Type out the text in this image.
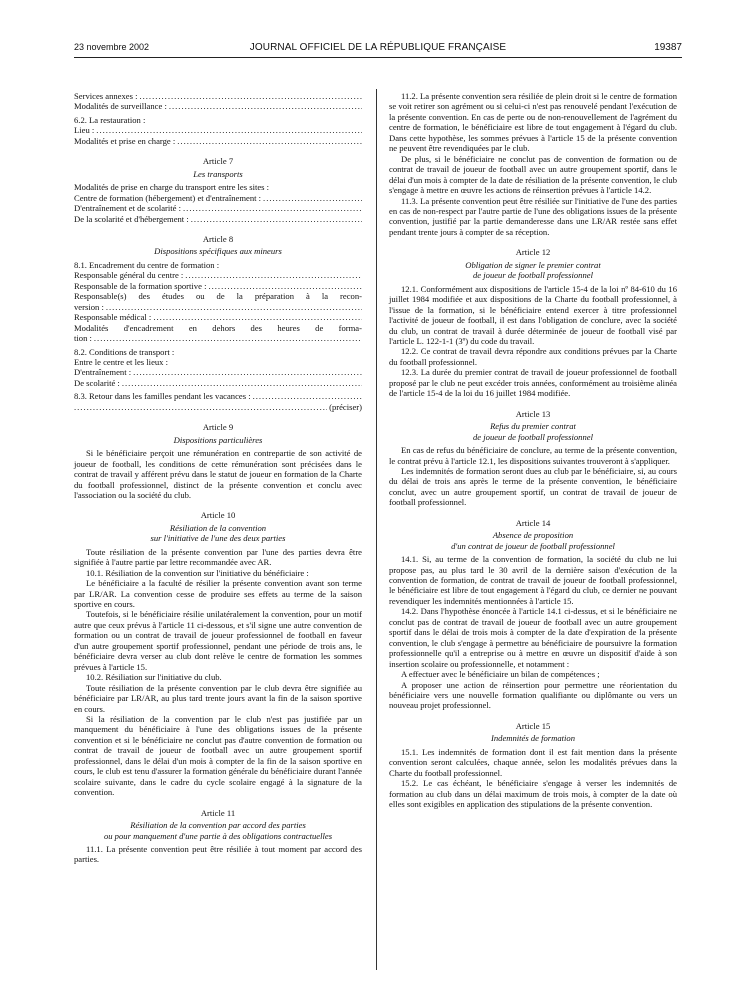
23 novembre 2002	JOURNAL OFFICIEL DE LA RÉPUBLIQUE FRANÇAISE	19387
Services annexes :
.....
Modalités de surveillance :
.....

6.2. La restauration :

Lieu :
.....
Modalités et prise en charge :
.....
Article 7
Les transports

Modalités de prise en charge du transport entre les sites :

Centre de formation (hébergement) et d'entraînement :
.....
D'entraînement et de scolarité :
.....
De la scolarité et d'hébergement :
.....
Article 8
Dispositions spécifiques aux mineurs

8.1. Encadrement du centre de formation :

Responsable général du centre :
.....
Responsable de la formation sportive :
.....

Responsable(s) des études ou de la préparation à la recon-

version :
.....
Responsable médical :
.....

Modalités d'encadrement en dehors des heures de forma-

tion :
.....

8.2. Conditions de transport :

Entre le centre et les lieux :

D'entraînement :
.....
De scolarité :
.....
8.3. Retour dans les familles pendant les vacances :
.....
.....
(préciser)
Article 9
Dispositions particulières

Si le bénéficiaire perçoit une rémunération en contrepartie de son activité de joueur de football, les conditions de cette rémunération sont précisées dans le contrat de travail y afférent prévu dans le statut de joueur en formation de la Charte du football professionnel, distinct de la présente convention et conclu avec l'association ou la société du club.

Article 10
Résiliation de la convention
sur l'initiative de l'une des deux parties

Toute résiliation de la présente convention par l'une des parties devra être signifiée à l'autre partie par lettre recommandée avec AR.

10.1. Résiliation de la convention sur l'initiative du bénéficiaire :

Le bénéficiaire a la faculté de résilier la présente convention avant son terme par LR/AR. La convention cesse de produire ses effets au terme de la saison sportive en cours.

Toutefois, si le bénéficiaire résilie unilatéralement la convention, pour un motif autre que ceux prévus à l'article 11 ci-dessous, et s'il signe une autre convention de formation ou un contrat de travail de joueur professionnel de football en faveur d'un autre groupement sportif professionnel, pendant une période de trois ans, le bénéficiaire devra verser au club dont relève le centre de formation les sommes prévues à l'article 15.

10.2. Résiliation sur l'initiative du club.

Toute résiliation de la présente convention par le club devra être signifiée au bénéficiaire par LR/AR, au plus tard trente jours avant la fin de la saison sportive en cours.

Si la résiliation de la convention par le club n'est pas justifiée par un manquement du bénéficiaire à l'une des obligations issues de la présente convention et si le bénéficiaire ne conclut pas d'autre convention de formation ou contrat de travail de joueur de football avec un autre groupement sportif professionnel, dans le délai d'un mois à compter de la fin de la saison sportive en cours, le club est tenu d'assurer la formation générale du bénéficiaire durant l'année scolaire suivante, dans le cadre du cycle scolaire engagé à la signature de la convention.

Article 11
Résiliation de la convention par accord des parties
ou pour manquement d'une partie à des obligations contractuelles

11.1. La présente convention peut être résiliée à tout moment par accord des parties.

11.2. La présente convention sera résiliée de plein droit si le centre de formation se voit retirer son agrément ou si celui-ci n'est pas renouvelé pendant l'exécution de la présente convention. En cas de perte ou de non-renouvellement de l'agrément du centre de formation, le bénéficiaire est libre de tout engagement à l'égard du club. Dans cette hypothèse, les sommes prévues à l'article 15 de la présente convention ne peuvent être revendiquées par le club.

De plus, si le bénéficiaire ne conclut pas de convention de formation ou de contrat de travail de joueur de football avec un autre groupement sportif, dans le délai d'un mois à compter de la date de résiliation de la présente convention, le club s'engage à mettre en œuvre les actions de réinsertion prévues à l'article 14.2.

11.3. La présente convention peut être résiliée sur l'initiative de l'une des parties en cas de non-respect par l'autre partie de l'une des obligations issues de la présente convention, justifié par la partie demanderesse dans une LR/AR restée sans effet pendant trente jours à compter de sa réception.

Article 12
Obligation de signer le premier contrat
de joueur de football professionnel

12.1. Conformément aux dispositions de l'article 15-4 de la loi nº 84-610 du 16 juillet 1984 modifiée et aux dispositions de la Charte du football professionnel, à l'issue de la formation, si le bénéficiaire entend exercer à titre professionnel l'activité de joueur de football, il est dans l'obligation de conclure, avec la société du club, un contrat de travail à durée déterminée de joueur de football visé par l'article L. 122-1-1 (3º) du code du travail.

12.2. Ce contrat de travail devra répondre aux conditions prévues par la Charte du football professionnel.

12.3. La durée du premier contrat de travail de joueur professionnel de football proposé par le club ne peut excéder trois années, conformément au troisième alinéa de l'article 15-4 de la loi du 16 juillet 1984 modifiée.

Article 13
Refus du premier contrat
de joueur de football professionnel

En cas de refus du bénéficiaire de conclure, au terme de la présente convention, le contrat prévu à l'article 12.1, les dispositions suivantes trouveront à s'appliquer.

Les indemnités de formation seront dues au club par le bénéficiaire, si, au cours du délai de trois ans après le terme de la présente convention, le bénéficiaire conclut, avec un autre groupement sportif, un contrat de travail de joueur de football professionnel.

Article 14
Absence de proposition
d'un contrat de joueur de football professionnel

14.1. Si, au terme de la convention de formation, la société du club ne lui propose pas, au plus tard le 30 avril de la dernière saison d'exécution de la convention de formation, de contrat de travail de joueur de football professionnel, le bénéficiaire est libre de tout engagement à l'égard du club, ce dernier ne pouvant revendiquer les indemnités mentionnées à l'article 15.

14.2. Dans l'hypothèse énoncée à l'article 14.1 ci-dessus, et si le bénéficiaire ne conclut pas de contrat de travail de joueur de football avec un autre groupement sportif dans le délai de trois mois à compter de la date d'expiration de la présente convention, le club s'engage à permettre au bénéficiaire de poursuivre la formation professionnelle qu'il a entreprise ou à mettre en œuvre un dispositif d'aide à son insertion scolaire ou professionnelle, et notamment :

A effectuer avec le bénéficiaire un bilan de compétences ;

A proposer une action de réinsertion pour permettre une réorientation du bénéficiaire vers une nouvelle formation qualifiante ou diplômante ou vers un nouveau projet professionnel.

Article 15
Indemnités de formation

15.1. Les indemnités de formation dont il est fait mention dans la présente convention seront calculées, chaque année, selon les modalités prévues dans la Charte du football professionnel.

15.2. Le cas échéant, le bénéficiaire s'engage à verser les indemnités de formation au club dans un délai maximum de trois mois, à compter de la date où elles sont exigibles en application des stipulations de la présente convention.
